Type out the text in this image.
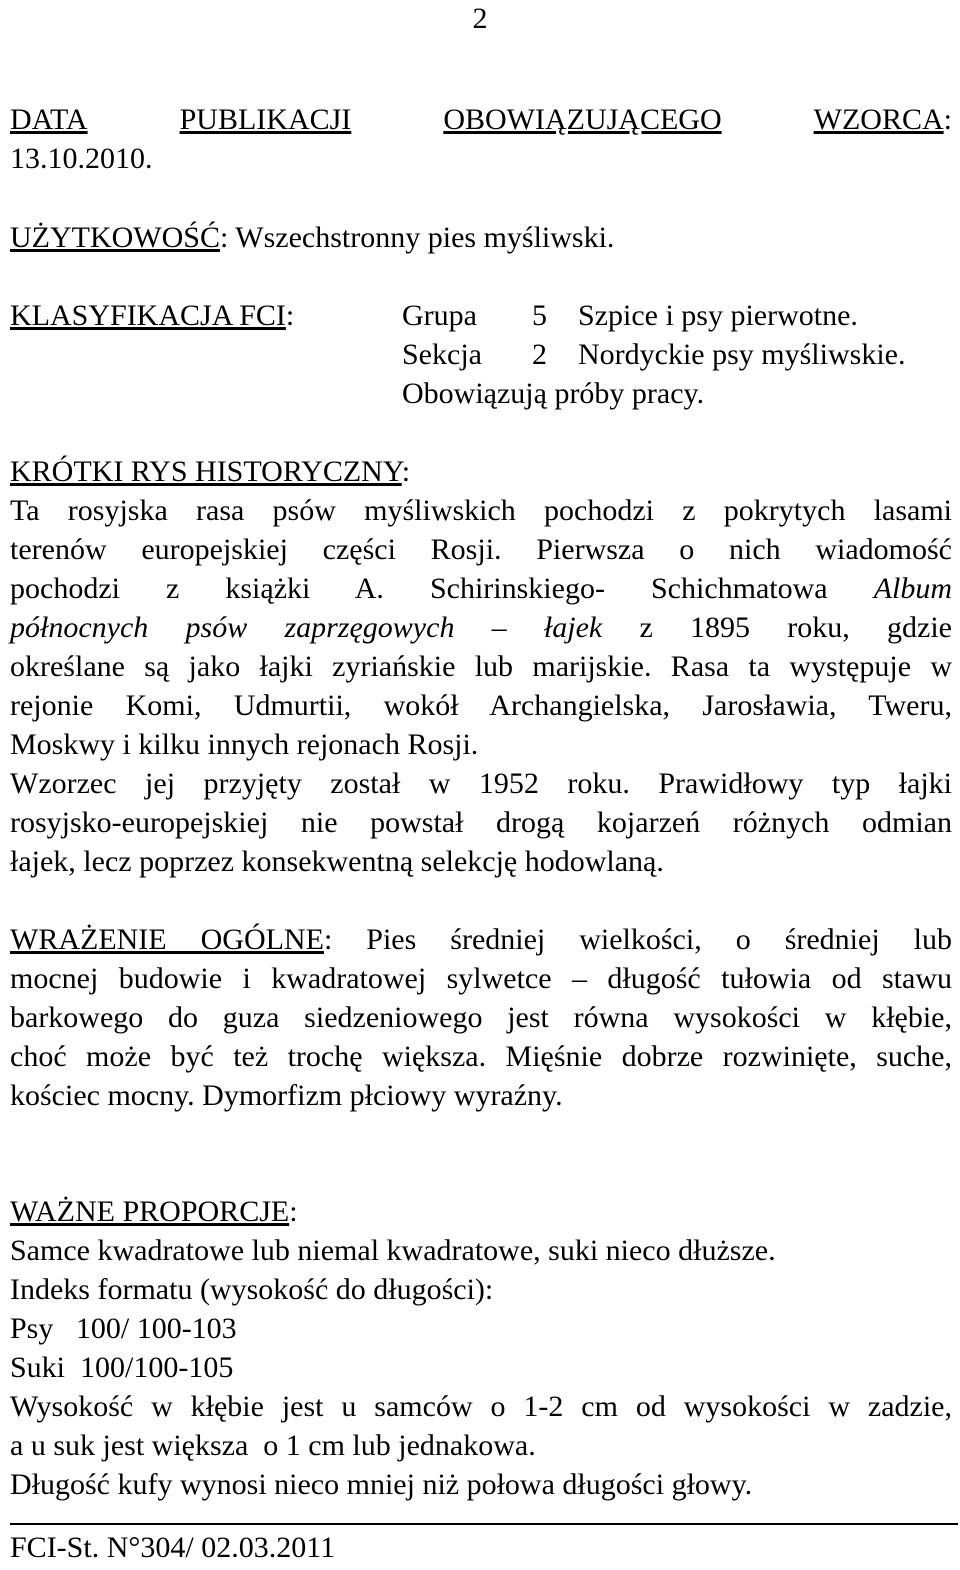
2
DATA	PUBLIKACJI	OBOWIĄZUJĄCEGO	WZORCA:
13.10.2010.
UŻYTKOWOŚĆ: Wszechstronny pies myśliwski.
KLASYFIKACJA FCI:	Grupa 5 Szpice i psy pierwotne.
Sekcja 2 Nordyckie psy myśliwskie.
Obowiązują próby pracy.
KRÓTKI RYS HISTORYCZNY:
Ta rosyjska rasa psów myśliwskich pochodzi z pokrytych lasami
terenów europejskiej części Rosji. Pierwsza o nich wiadomość
pochodzi z książki A. Schirinskiego- Schichmatowa Album
północnych psów zaprzęgowych – łajek z 1895 roku, gdzie
określane są jako łajki zyriańskie lub marijskie. Rasa ta występuje w
rejonie Komi, Udmurtii, wokół Archangielska, Jarosławia, Tweru,
Moskwy i kilku innych rejonach Rosji.
Wzorzec jej przyjęty został w 1952 roku. Prawidłowy typ łajki
rosyjsko-europejskiej nie powstał drogą kojarzeń różnych odmian
łajek, lecz poprzez konsekwentną selekcję hodowlaną.
WRAŻENIE OGÓLNE: Pies średniej wielkości, o średniej lub
mocnej budowie i kwadratowej sylwetce – długość tułowia od stawu
barkowego do guza siedzeniowego jest równa wysokości w kłębie,
choć może być też trochę większa. Mięśnie dobrze rozwinięte, suche,
kościec mocny. Dymorfizm płciowy wyraźny.
WAŻNE PROPORCJE:
Samce kwadratowe lub niemal kwadratowe, suki nieco dłuższe.
Indeks formatu (wysokość do długości):
Psy   100/ 100-103
Suki  100/100-105
Wysokość w kłębie jest u samców o 1-2 cm od wysokości w zadzie,
a u suk jest większa  o 1 cm lub jednakowa.
Długość kufy wynosi nieco mniej niż połowa długości głowy.
FCI-St. N°304/ 02.03.2011
